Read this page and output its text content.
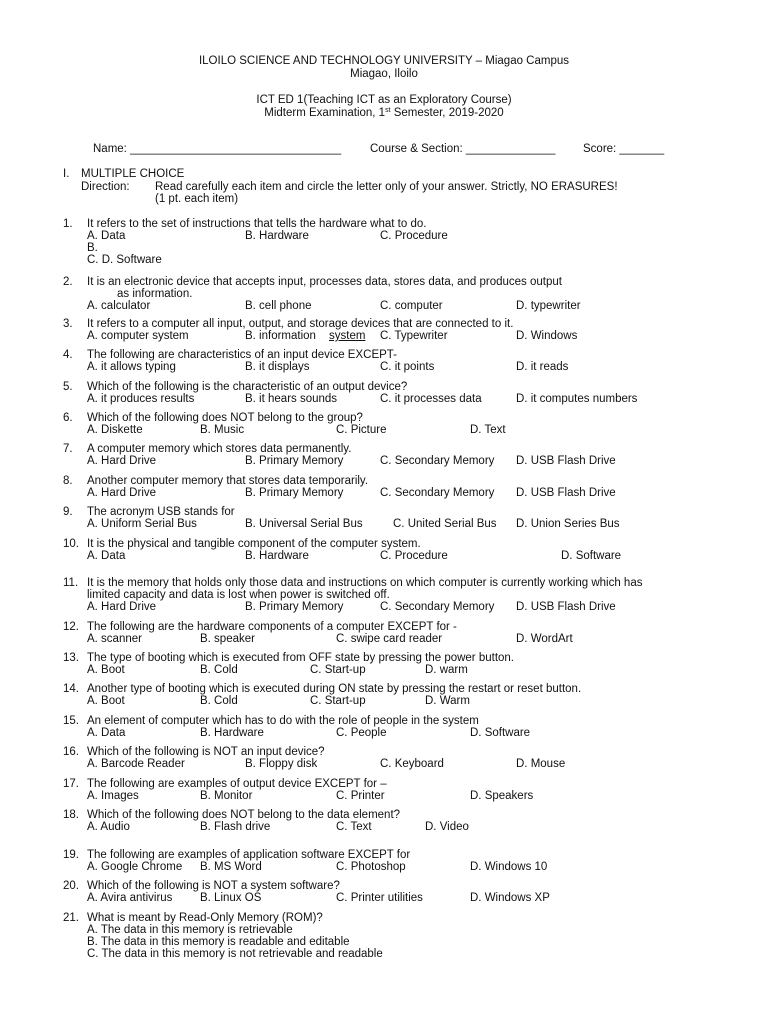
ILOILO SCIENCE AND TECHNOLOGY UNIVERSITY – Miagao Campus
Miagao, Iloilo
ICT ED 1(Teaching ICT as an Exploratory Course)
Midterm Examination, 1st Semester, 2019-2020
Name: _________________________________	Course & Section: ______________ Score: _______
I. MULTIPLE CHOICE
Direction: Read carefully each item and circle the letter only of your answer. Strictly, NO ERASURES!
(1 pt. each item)
1. It refers to the set of instructions that tells the hardware what to do.
A. Data	B. Hardware	C. Procedure
B.
C. D. Software
2. It is an electronic device that accepts input, processes data, stores data, and produces output
as information.
A. calculator	B. cell phone	C. computer	D. typewriter
3. It refers to a computer all input, output, and storage devices that are connected to it.
A. computer system	B. information system C. Typewriter	D. Windows
4. The following are characteristics of an input device EXCEPT-
A. it allows typing	B. it displays	C. it points	D. it reads
5. Which of the following is the characteristic of an output device?
A. it produces results	B. it hears sounds	C. it processes data	D. it computes numbers
6. Which of the following does NOT belong to the group?
A. Diskette	B. Music	C. Picture	D. Text
7. A computer memory which stores data permanently.
A. Hard Drive	B. Primary Memory	C. Secondary Memory D. USB Flash Drive
8. Another computer memory that stores data temporarily.
A. Hard Drive	B. Primary Memory	C. Secondary Memory D. USB Flash Drive
9. The acronym USB stands for
A. Uniform Serial Bus	B. Universal Serial Bus	C. United Serial Bus D. Union Series Bus
10. It is the physical and tangible component of the computer system.
A. Data	B. Hardware	C. Procedure	D. Software
11. It is the memory that holds only those data and instructions on which computer is currently working which has
limited capacity and data is lost when power is switched off.
A. Hard Drive	B. Primary Memory	C. Secondary Memory D. USB Flash Drive
12. The following are the hardware components of a computer EXCEPT for -
A. scanner	B. speaker	C. swipe card reader	D. WordArt
13. The type of booting which is executed from OFF state by pressing the power button.
A. Boot	B. Cold	C. Start-up	D. warm
14. Another type of booting which is executed during ON state by pressing the restart or reset button.
A. Boot	B. Cold	C. Start-up	D. Warm
15. An element of computer which has to do with the role of people in the system
A. Data	B. Hardware	C. People	D. Software
16. Which of the following is NOT an input device?
A. Barcode Reader	B. Floppy disk	C. Keyboard	D. Mouse
17. The following are examples of output device EXCEPT for –
A. Images	B. Monitor	C. Printer	D. Speakers
18. Which of the following does NOT belong to the data element?
A. Audio	B. Flash drive	C. Text	D. Video
19. The following are examples of application software EXCEPT for
A. Google Chrome B. MS Word	C. Photoshop	D. Windows 10
20. Which of the following is NOT a system software?
A. Avira antivirus B. Linux OS	C. Printer utilities	D. Windows XP
21. What is meant by Read-Only Memory (ROM)?
A. The data in this memory is retrievable
B. The data in this memory is readable and editable
C. The data in this memory is not retrievable and readable
